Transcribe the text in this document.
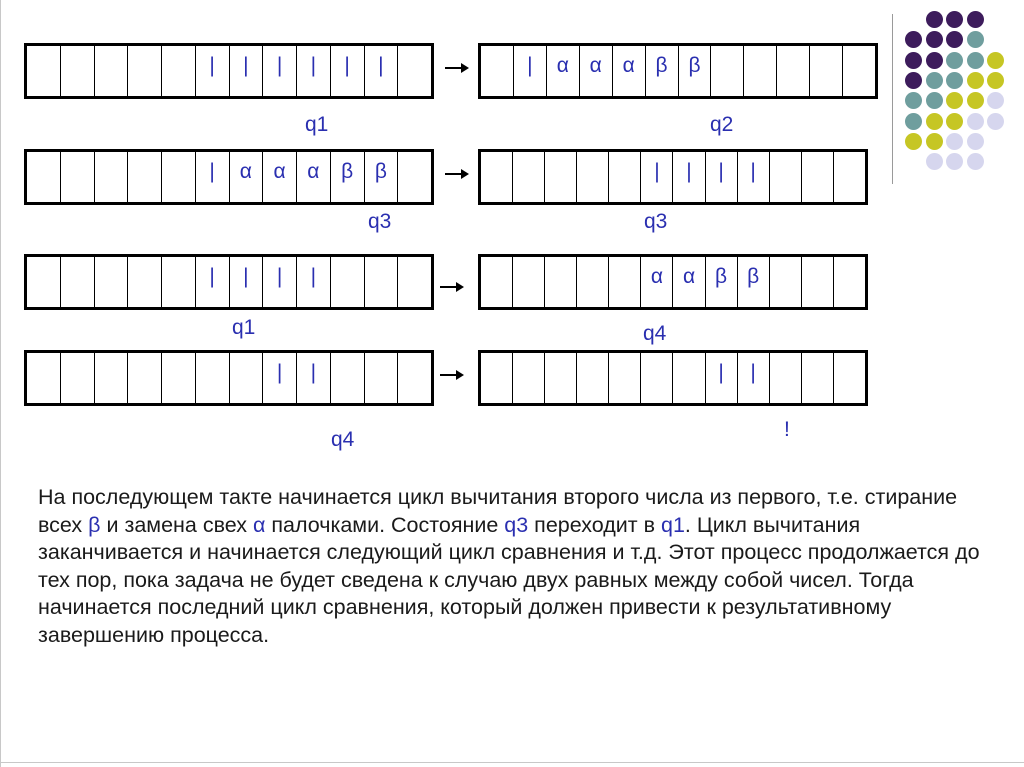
|	|	|	|	|	|	|	α α α β β
q1	q2
|	α	α	α	β	β	|	|	|	|
q3	q3
|	|	|	|	α α β β
q1	q4
|	|	|	|
q4	!

На последующем такте начинается цикл вычитания второго числа из первого, т.е. стирание всех β и замена свех α палочками. Состояние q3 переходит в q1. Цикл вычитания заканчивается и начинается следующий цикл сравнения и т.д. Этот процесс продолжается до тех пор, пока задача не будет сведена к случаю двух равных между собой чисел. Тогда начинается последний цикл сравнения, который должен привести к результативному завершению процесса.
